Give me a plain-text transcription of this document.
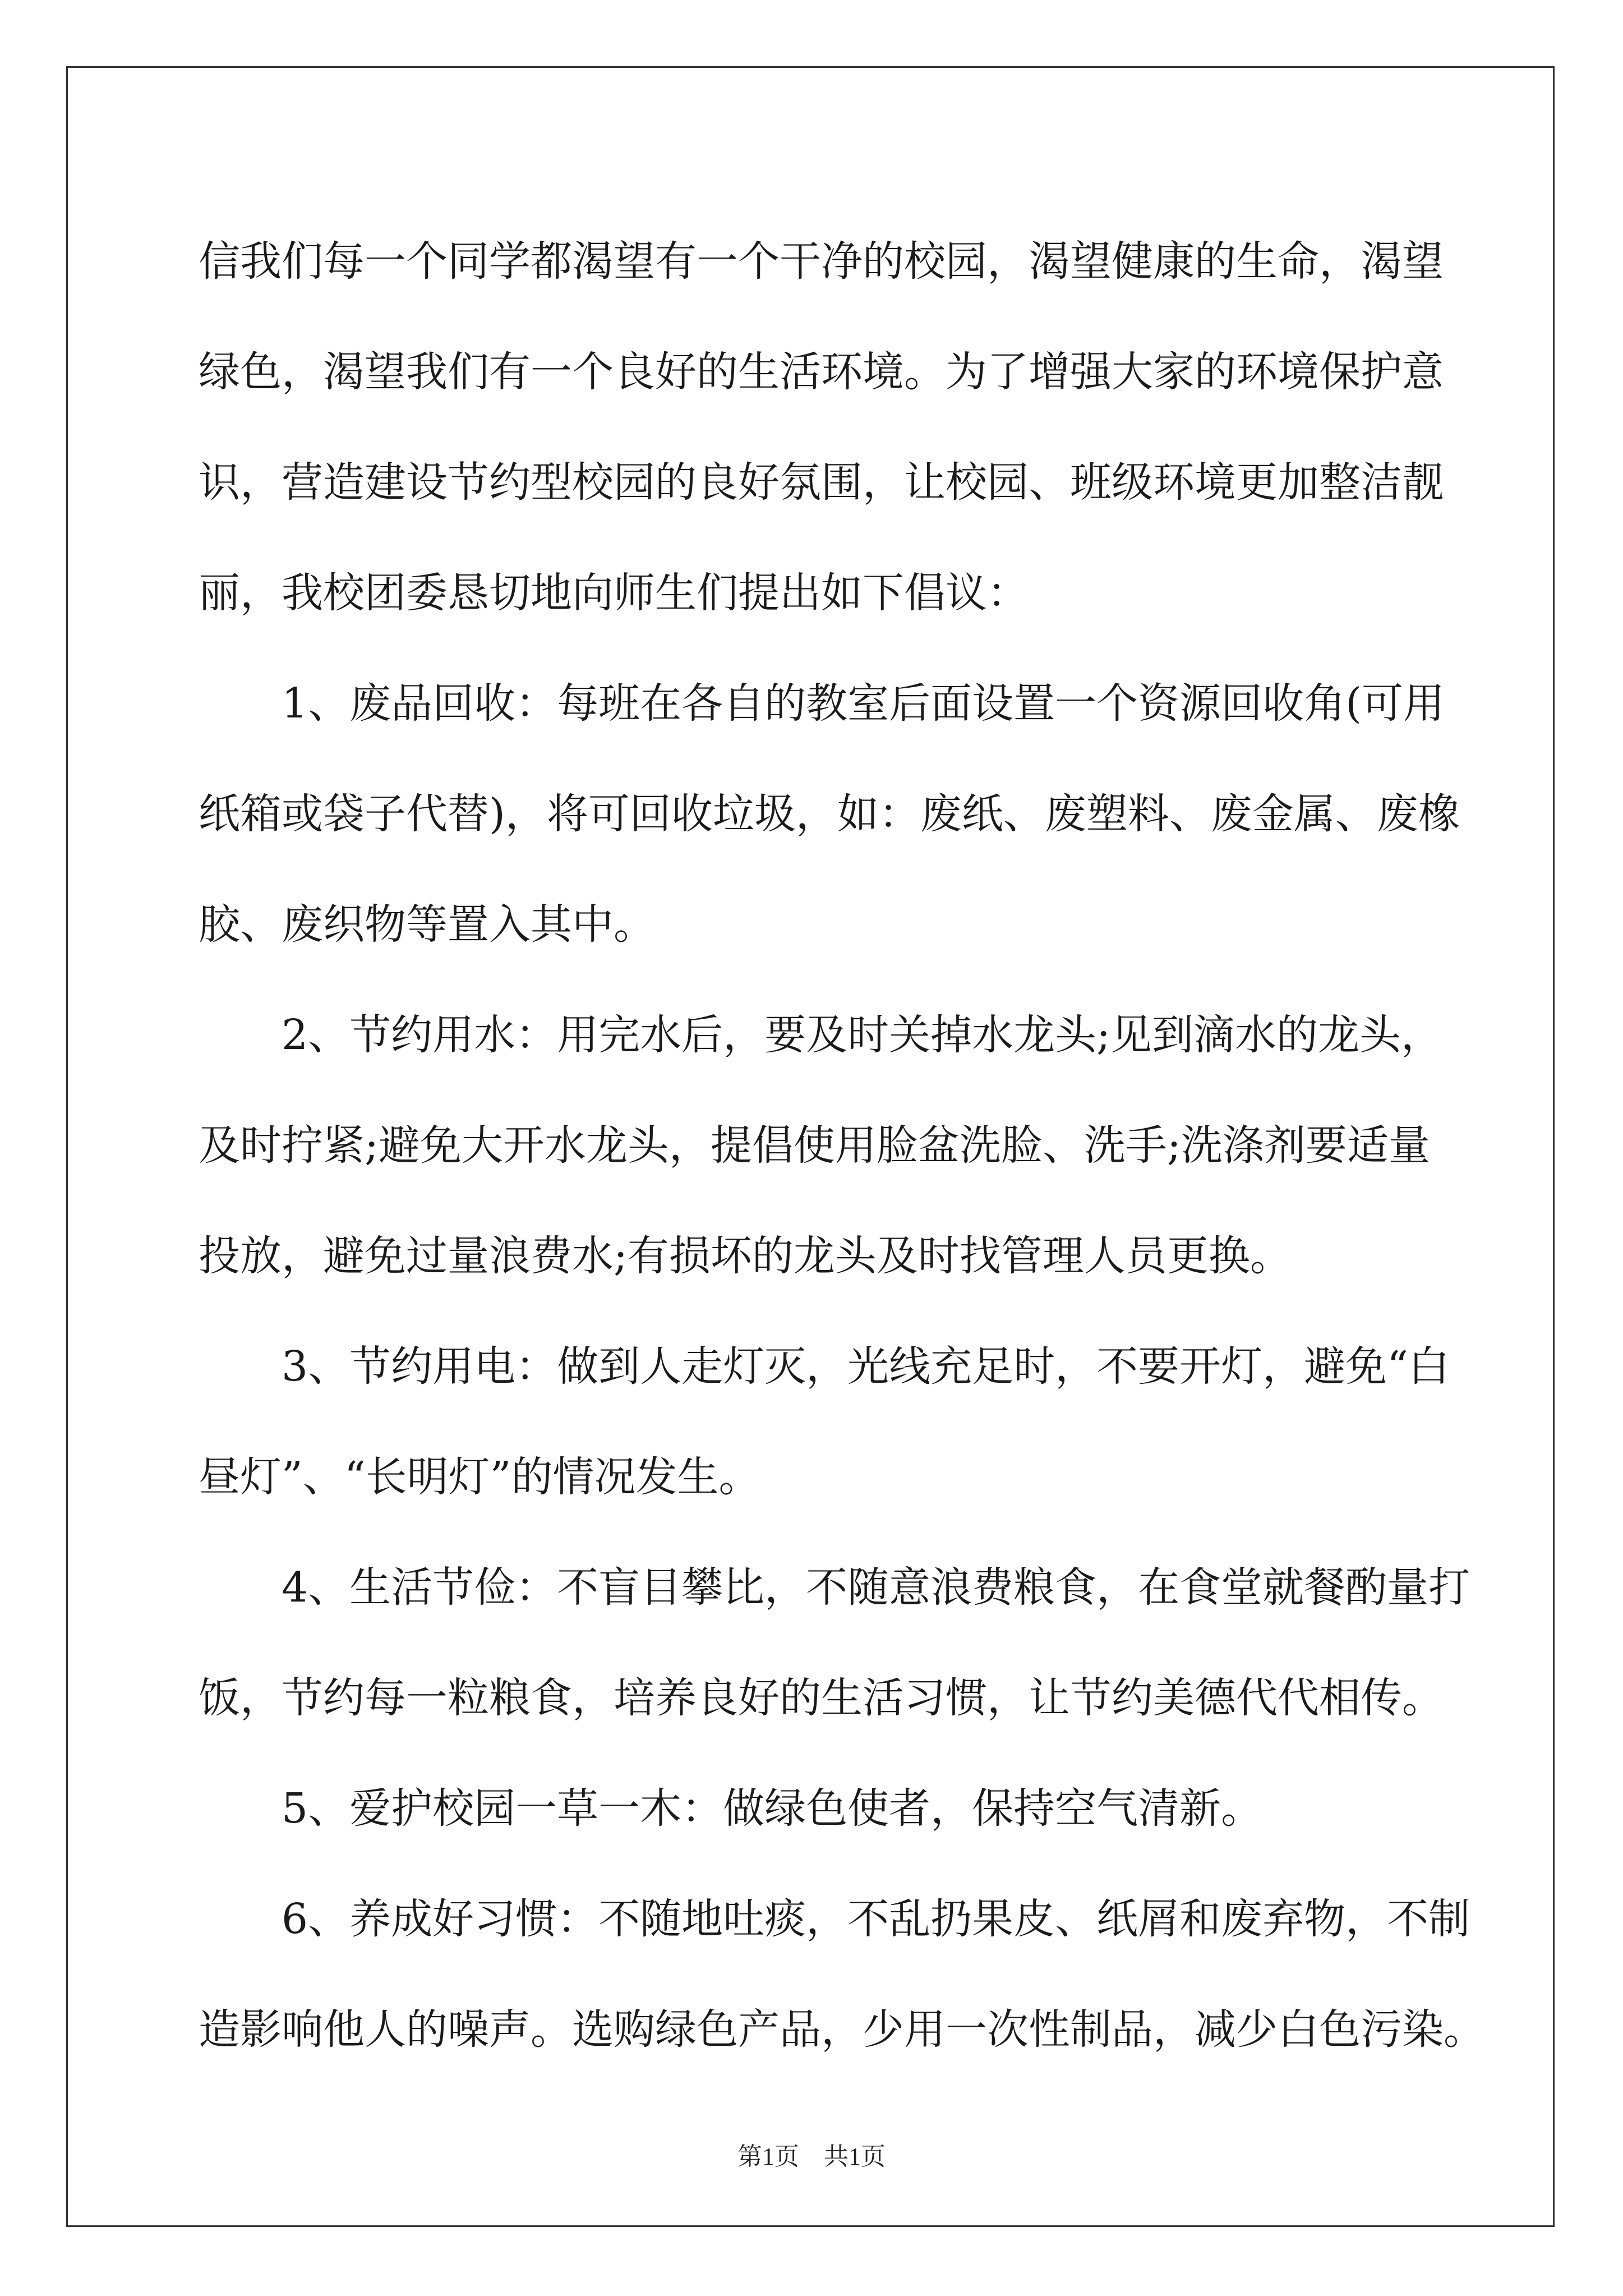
信我们每一个同学都渴望有一个干净的校园，渴望健康的生命，渴望
绿色，渴望我们有一个良好的生活环境。为了增强大家的环境保护意
识，营造建设节约型校园的良好氛围，让校园、班级环境更加整洁靓
丽，我校团委恳切地向师生们提出如下倡议：
　　1、废品回收：每班在各自的教室后面设置一个资源回收角(可用
纸箱或袋子代替)，将可回收垃圾，如：废纸、废塑料、废金属、废橡
胶、废织物等置入其中。
　　2、节约用水：用完水后，要及时关掉水龙头;见到滴水的龙头，
及时拧紧;避免大开水龙头，提倡使用脸盆洗脸、洗手;洗涤剂要适量
投放，避免过量浪费水;有损坏的龙头及时找管理人员更换。
　　3、节约用电：做到人走灯灭，光线充足时，不要开灯，避免“白
昼灯”、“长明灯”的情况发生。
　　4、生活节俭：不盲目攀比，不随意浪费粮食，在食堂就餐酌量打
饭，节约每一粒粮食，培养良好的生活习惯，让节约美德代代相传。
　　5、爱护校园一草一木：做绿色使者，保持空气清新。
　　6、养成好习惯：不随地吐痰，不乱扔果皮、纸屑和废弃物，不制
造影响他人的噪声。选购绿色产品，少用一次性制品，减少白色污染。
第1页　共1页
